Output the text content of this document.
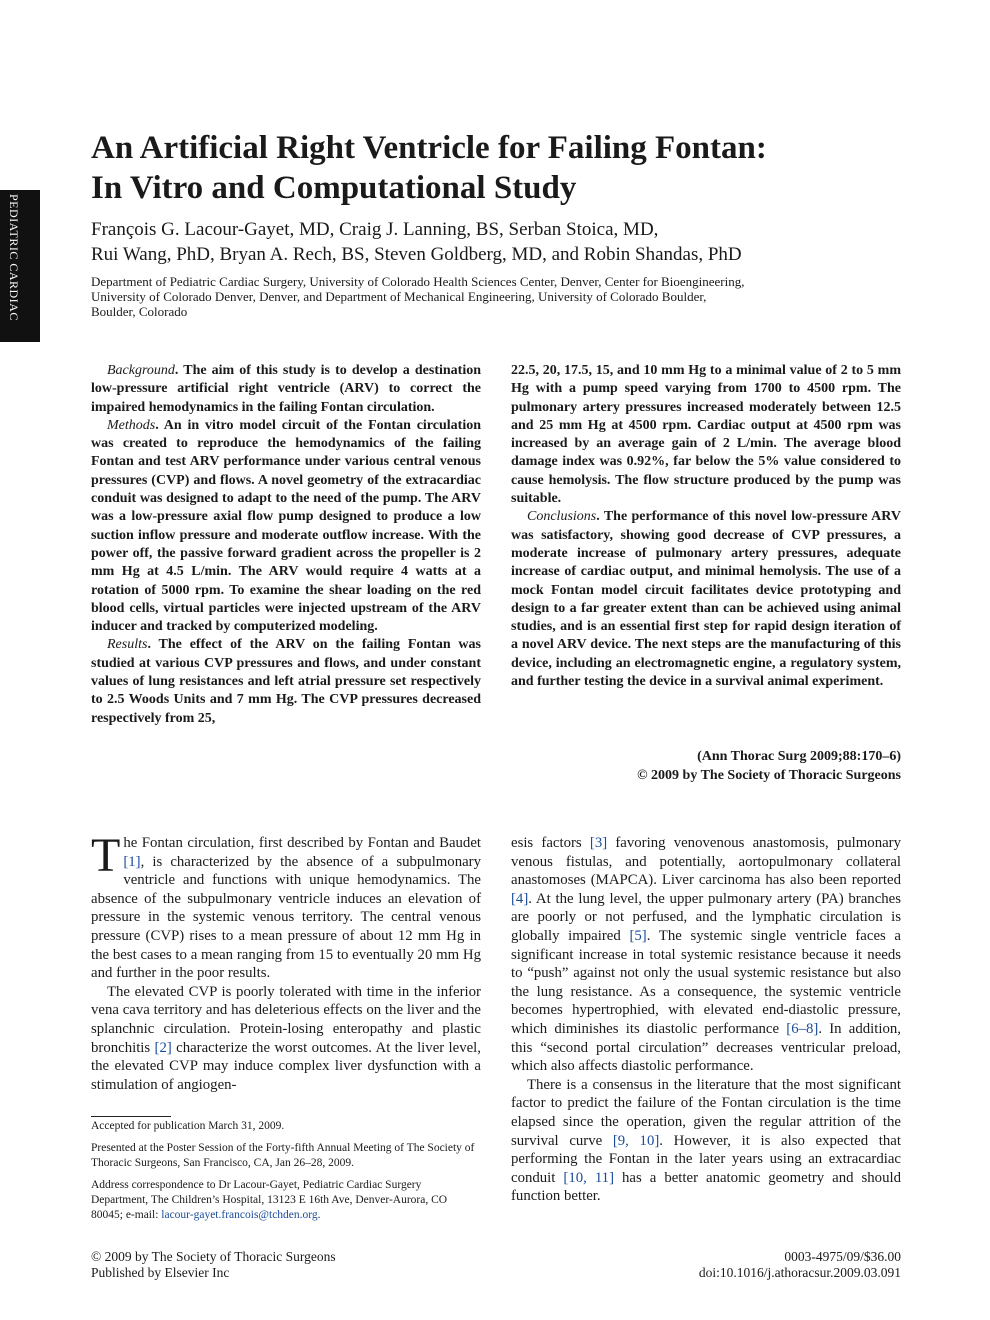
PEDIATRIC CARDIAC
An Artificial Right Ventricle for Failing Fontan:
In Vitro and Computational Study
François G. Lacour-Gayet, MD, Craig J. Lanning, BS, Serban Stoica, MD,
Rui Wang, PhD, Bryan A. Rech, BS, Steven Goldberg, MD, and Robin Shandas, PhD
Department of Pediatric Cardiac Surgery, University of Colorado Health Sciences Center, Denver, Center for Bioengineering,
University of Colorado Denver, Denver, and Department of Mechanical Engineering, University of Colorado Boulder,
Boulder, Colorado

Background. The aim of this study is to develop a destination low-pressure artificial right ventricle (ARV) to correct the impaired hemodynamics in the failing Fontan circulation.

Methods. An in vitro model circuit of the Fontan circulation was created to reproduce the hemodynamics of the failing Fontan and test ARV performance under various central venous pressures (CVP) and flows. A novel geometry of the extracardiac conduit was designed to adapt to the need of the pump. The ARV was a low-pressure axial flow pump designed to produce a low suction inflow pressure and moderate outflow increase. With the power off, the passive forward gradient across the propeller is 2 mm Hg at 4.5 L/min. The ARV would require 4 watts at a rotation of 5000 rpm. To examine the shear loading on the red blood cells, virtual particles were injected upstream of the ARV inducer and tracked by computerized modeling.

Results. The effect of the ARV on the failing Fontan was studied at various CVP pressures and flows, and under constant values of lung resistances and left atrial pressure set respectively to 2.5 Woods Units and 7 mm Hg. The CVP pressures decreased respectively from 25,

22.5, 20, 17.5, 15, and 10 mm Hg to a minimal value of 2 to 5 mm Hg with a pump speed varying from 1700 to 4500 rpm. The pulmonary artery pressures increased moderately between 12.5 and 25 mm Hg at 4500 rpm. Cardiac output at 4500 rpm was increased by an average gain of 2 L/min. The average blood damage index was 0.92%, far below the 5% value considered to cause hemolysis. The flow structure produced by the pump was suitable.

Conclusions. The performance of this novel low-pressure ARV was satisfactory, showing good decrease of CVP pressures, a moderate increase of pulmonary artery pressures, adequate increase of cardiac output, and minimal hemolysis. The use of a mock Fontan model circuit facilitates device prototyping and design to a far greater extent than can be achieved using animal studies, and is an essential first step for rapid design iteration of a novel ARV device. The next steps are the manufacturing of this device, including an electromagnetic engine, a regulatory system, and further testing the device in a survival animal experiment.

(Ann Thorac Surg 2009;88:170–6)
© 2009 by The Society of Thoracic Surgeons

The Fontan circulation, first described by Fontan and Baudet [1], is characterized by the absence of a subpulmonary ventricle and functions with unique hemodynamics. The absence of the subpulmonary ventricle induces an elevation of pressure in the systemic venous territory. The central venous pressure (CVP) rises to a mean pressure of about 12 mm Hg in the best cases to a mean ranging from 15 to eventually 20 mm Hg and further in the poor results.

The elevated CVP is poorly tolerated with time in the inferior vena cava territory and has deleterious effects on the liver and the splanchnic circulation. Protein-losing enteropathy and plastic bronchitis [2] characterize the worst outcomes. At the liver level, the elevated CVP may induce complex liver dysfunction with a stimulation of angiogen-

esis factors [3] favoring venovenous anastomosis, pulmonary venous fistulas, and potentially, aortopulmonary collateral anastomoses (MAPCA). Liver carcinoma has also been reported [4]. At the lung level, the upper pulmonary artery (PA) branches are poorly or not perfused, and the lymphatic circulation is globally impaired [5]. The systemic single ventricle faces a significant increase in total systemic resistance because it needs to “push” against not only the usual systemic resistance but also the lung resistance. As a consequence, the systemic ventricle becomes hypertrophied, with elevated end-diastolic pressure, which diminishes its diastolic performance [6–8]. In addition, this “second portal circulation” decreases ventricular preload, which also affects diastolic performance.

There is a consensus in the literature that the most significant factor to predict the failure of the Fontan circulation is the time elapsed since the operation, given the regular attrition of the survival curve [9, 10]. However, it is also expected that performing the Fontan in the later years using an extracardiac conduit [10, 11] has a better anatomic geometry and should function better.

Accepted for publication March 31, 2009.

Presented at the Poster Session of the Forty-fifth Annual Meeting of The Society of Thoracic Surgeons, San Francisco, CA, Jan 26–28, 2009.

Address correspondence to Dr Lacour-Gayet, Pediatric Cardiac Surgery Department, The Children’s Hospital, 13123 E 16th Ave, Denver-Aurora, CO 80045; e-mail: lacour-gayet.francois@tchden.org.

© 2009 by The Society of Thoracic Surgeons
Published by Elsevier Inc
0003-4975/09/$36.00
doi:10.1016/j.athoracsur.2009.03.091
